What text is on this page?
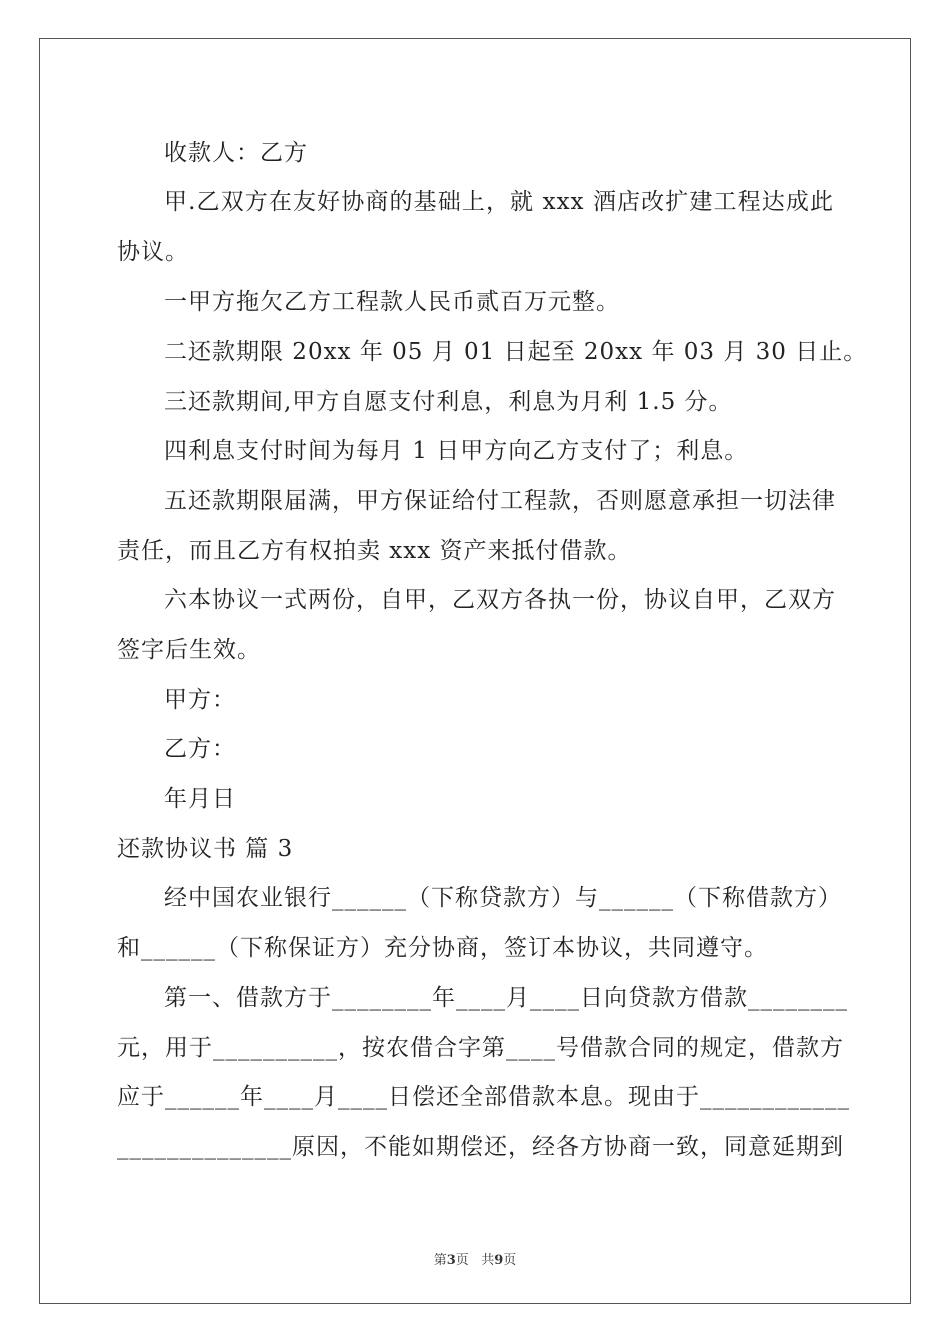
收款人：乙方
甲.乙双方在友好协商的基础上，就 xxx 酒店改扩建工程达成此
协议。
一甲方拖欠乙方工程款人民币贰百万元整。
二还款期限 20xx 年 05 月 01 日起至 20xx 年 03 月 30 日止。
三还款期间,甲方自愿支付利息，利息为月利 1.5 分。
四利息支付时间为每月 1 日甲方向乙方支付了；利息。
五还款期限届满，甲方保证给付工程款，否则愿意承担一切法律
责任，而且乙方有权拍卖 xxx 资产来抵付借款。
六本协议一式两份，自甲，乙双方各执一份，协议自甲，乙双方
签字后生效。
甲方：
乙方：
年月日
还款协议书 篇 3
经中国农业银行______（下称贷款方）与______（下称借款方）
和______（下称保证方）充分协商，签订本协议，共同遵守。
第一、借款方于________年____月____日向贷款方借款________
元，用于__________，按农借合字第____号借款合同的规定，借款方
应于______年____月____日偿还全部借款本息。现由于____________
______________原因，不能如期偿还，经各方协商一致，同意延期到
第3页 共9页
